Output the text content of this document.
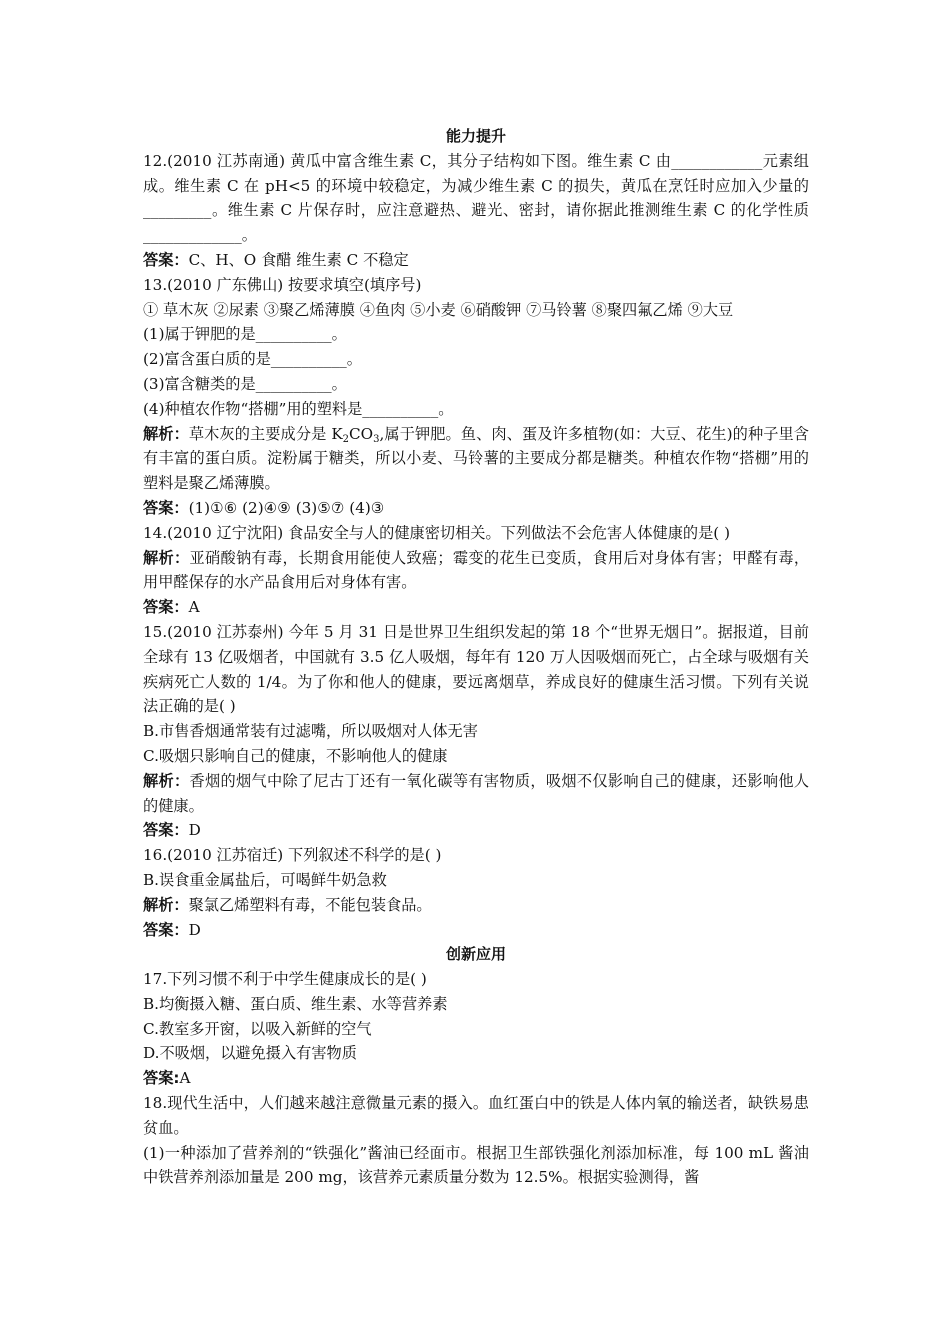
能力提升

12.(2010 江苏南通) 黄瓜中富含维生素 C，其分子结构如下图。维生素 C 由____________元素组成。维生素 C 在 pH<5 的环境中较稳定，为减少维生素 C 的损失，黄瓜在烹饪时应加入少量的_________。维生素 C 片保存时，应注意避热、避光、密封，请你据此推测维生素 C 的化学性质_____________。

答案：C、H、O 食醋 维生素 C 不稳定

13.(2010 广东佛山) 按要求填空(填序号)

① 草木灰 ②尿素 ③聚乙烯薄膜 ④鱼肉 ⑤小麦 ⑥硝酸钾 ⑦马铃薯 ⑧聚四氟乙烯 ⑨大豆

(1)属于钾肥的是__________。

(2)富含蛋白质的是__________。

(3)富含糖类的是__________。

(4)种植农作物“搭棚”用的塑料是__________。

解析：草木灰的主要成分是 $K_2CO_3$,属于钾肥。鱼、肉、蛋及许多植物(如：大豆、花生)的种子里含有丰富的蛋白质。淀粉属于糖类，所以小麦、马铃薯的主要成分都是糖类。种植农作物“搭棚”用的塑料是聚乙烯薄膜。

答案：(1)①⑥ (2)④⑨ (3)⑤⑦ (4)③

14.(2010 辽宁沈阳) 食品安全与人的健康密切相关。下列做法不会危害人体健康的是( )

解析：亚硝酸钠有毒，长期食用能使人致癌；霉变的花生已变质，食用后对身体有害；甲醛有毒，用甲醛保存的水产品食用后对身体有害。

答案：A

15.(2010 江苏泰州) 今年 5 月 31 日是世界卫生组织发起的第 18 个“世界无烟日”。据报道，目前全球有 13 亿吸烟者，中国就有 3.5 亿人吸烟，每年有 120 万人因吸烟而死亡，占全球与吸烟有关疾病死亡人数的 1/4。为了你和他人的健康，要远离烟草，养成良好的健康生活习惯。下列有关说法正确的是( )

B.市售香烟通常装有过滤嘴，所以吸烟对人体无害

C.吸烟只影响自己的健康，不影响他人的健康

解析：香烟的烟气中除了尼古丁还有一氧化碳等有害物质，吸烟不仅影响自己的健康，还影响他人的健康。

答案：D

16.(2010 江苏宿迁) 下列叙述不科学的是( )

B.误食重金属盐后，可喝鲜牛奶急救

解析：聚氯乙烯塑料有毒，不能包装食品。

答案：D

创新应用

17.下列习惯不利于中学生健康成长的是( )

B.均衡摄入糖、蛋白质、维生素、水等营养素

C.教室多开窗，以吸入新鲜的空气

D.不吸烟，以避免摄入有害物质

答案:A

18.现代生活中，人们越来越注意微量元素的摄入。血红蛋白中的铁是人体内氧的输送者，缺铁易患贫血。

(1)一种添加了营养剂的“铁强化”酱油已经面市。根据卫生部铁强化剂添加标准，每 100 mL 酱油中铁营养剂添加量是 200 mg，该营养元素质量分数为 12.5%。根据实验测得，酱
